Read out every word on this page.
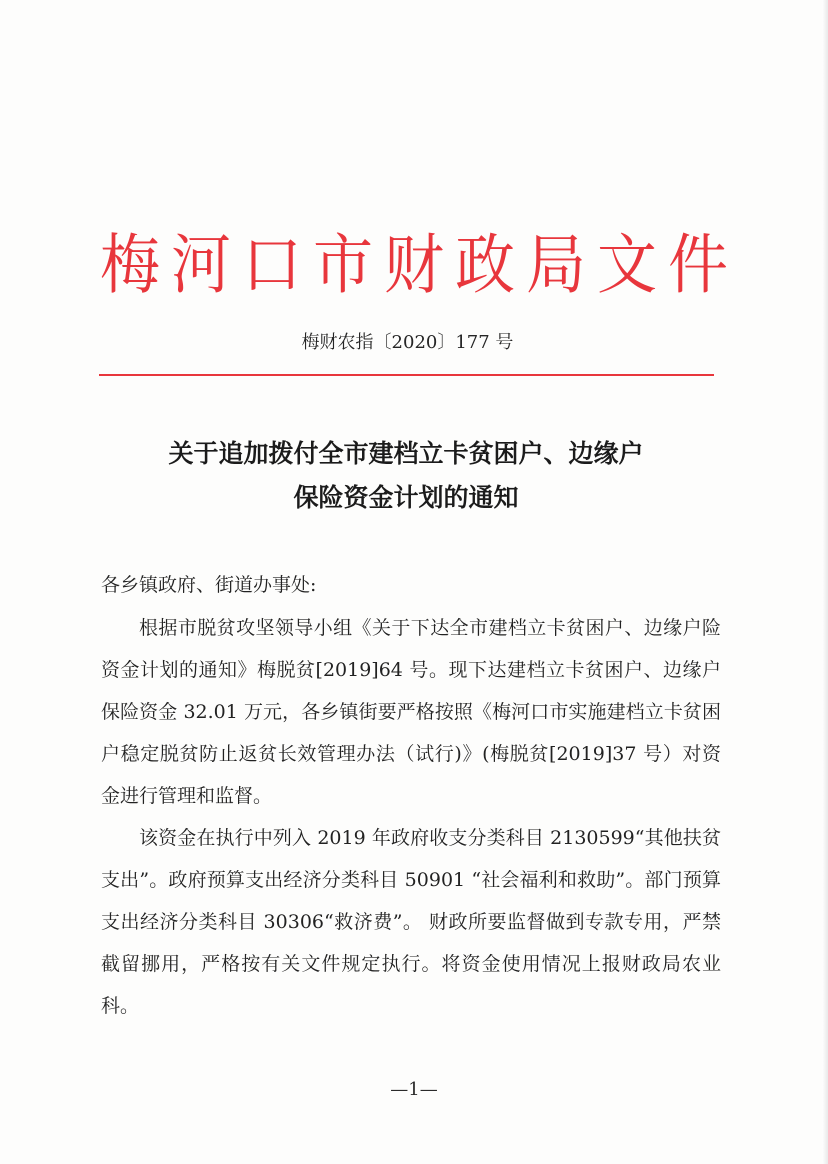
梅河口市财政局文件
梅财农指〔2020〕177 号
关于追加拨付全市建档立卡贫困户、边缘户
保险资金计划的通知

各乡镇政府、街道办事处:

根据市脱贫攻坚领导小组《关于下达全市建档立卡贫困户、边缘户险资金计划的通知》梅脱贫[2019]64 号。现下达建档立卡贫困户、边缘户保险资金 32.01 万元，各乡镇街要严格按照《梅河口市实施建档立卡贫困户稳定脱贫防止返贫长效管理办法（试行)》(梅脱贫[2019]37 号）对资金进行管理和监督。

该资金在执行中列入 2019 年政府收支分类科目 2130599“其他扶贫支出”。政府预算支出经济分类科目 50901 “社会福利和救助”。部门预算支出经济分类科目 30306“救济费”。 财政所要监督做到专款专用，严禁截留挪用，严格按有关文件规定执行。将资金使用情况上报财政局农业科。

—1—
